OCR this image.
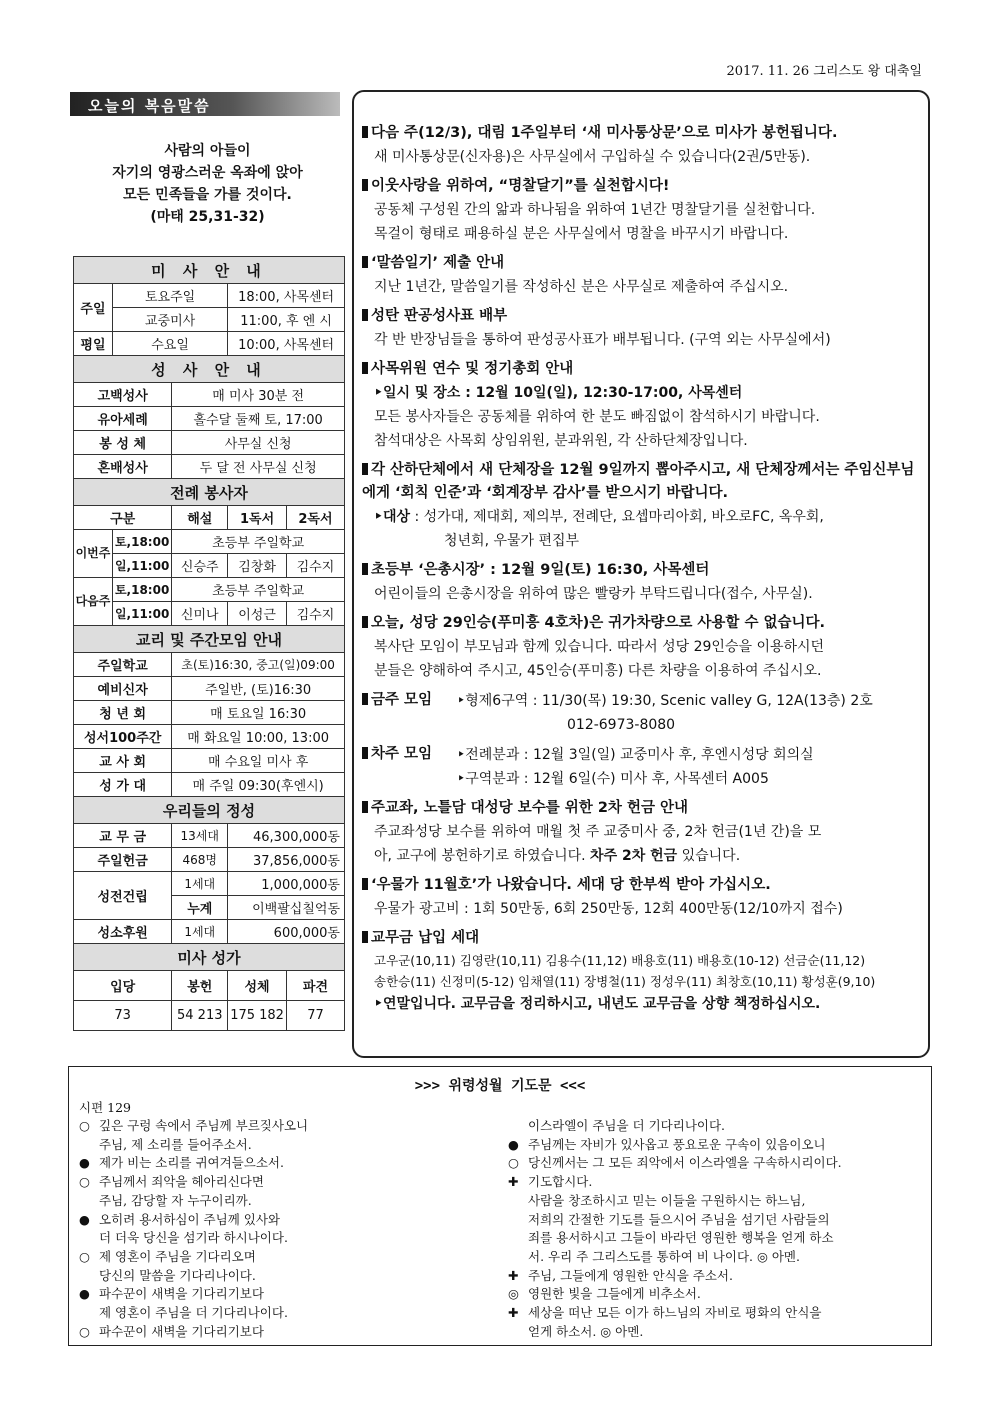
2017. 11. 26 그리스도 왕 대축일
오늘의 복음말씀
사람의 아들이
자기의 영광스러운 옥좌에 앉아
모든 민족들을 가를 것이다.
(마태 25,31-32)
미 사 안 내				
주일	토요주일		18:00, 사목센터	
	교중미사		11:00, 후 엔 시	
평일	수요일		10:00, 사목센터	
성 사 안 내				
고백성사		매 미사 30분 전		
유아세례		홀수달 둘째 토, 17:00		
봉 성 체		사무실 신청		
혼배성사		두 달 전 사무실 신청		
전례 봉사자				
구분		해설	1독서	2독서
이번주	토,18:00	초등부 주일학교		
	일,11:00	신승주	김창화	김수지
다음주	토,18:00	초등부 주일학교		
	일,11:00	신미나	이성근	김수지
교리 및 주간모임 안내				
주일학교		초(토)16:30, 중고(일)09:00		
예비신자		주일반, (토)16:30		
청 년 회		매 토요일 16:30		
성서100주간		매 화요일 10:00, 13:00		
교 사 회		매 수요일 미사 후		
성 가 대		매 주일 09:30(후엔시)		
우리들의 정성				
교 무 금		13세대	46,300,000동	
주일헌금		468명	37,856,000동	
성전건립		1세대	1,000,000동	
		누계	이백팔십칠억동	
성소후원		1세대	600,000동	
미사 성가				
입당		봉헌	성체	파견
73		54 213	175 182	77
다음 주(12/3), 대림 1주일부터 ‘새 미사통상문’으로 미사가 봉헌됩니다.
새 미사통상문(신자용)은 사무실에서 구입하실 수 있습니다(2권/5만동).
이웃사랑을 위하여, “명찰달기”를 실천합시다!
공동체 구성원 간의 앎과 하나됨을 위하여 1년간 명찰달기를 실천합니다.
목걸이 형태로 패용하실 분은 사무실에서 명찰을 바꾸시기 바랍니다.
‘말씀일기’ 제출 안내
지난 1년간, 말씀일기를 작성하신 분은 사무실로 제출하여 주십시오.
성탄 판공성사표 배부
각 반 반장님들을 통하여 판성공사표가 배부됩니다. (구역 외는 사무실에서)
사목위원 연수 및 정기총회 안내
‣일시 및 장소 : 12월 10일(일), 12:30-17:00, 사목센터
모든 봉사자들은 공동체를 위하여 한 분도 빠짐없이 참석하시기 바랍니다.
참석대상은 사목회 상임위원, 분과위원, 각 산하단체장입니다.
각 산하단체에서 새 단체장을 12월 9일까지 뽑아주시고, 새 단체장께서는 주임신부님에게 ‘회칙 인준’과 ‘회계장부 감사’를 받으시기 바랍니다.
‣대상 : 성가대, 제대회, 제의부, 전례단, 요셉마리아회, 바오로FC, 옥우회,
청년회, 우물가 편집부
초등부 ‘은총시장’ : 12월 9일(토) 16:30, 사목센터
어린이들의 은총시장을 위하여 많은 빨랑카 부탁드립니다(접수, 사무실).
오늘, 성당 29인승(푸미흥 4호차)은 귀가차량으로 사용할 수 없습니다.
복사단 모임이 부모님과 함께 있습니다. 따라서 성당 29인승을 이용하시던
분들은 양해하여 주시고, 45인승(푸미흥) 다른 차량을 이용하여 주십시오.
금주 모임	‣형제6구역 : 11/30(목) 19:30, Scenic valley G, 12A(13층) 2호
012-6973-8080
차주 모임	‣전례분과 : 12월 3일(일) 교중미사 후, 후엔시성당 회의실
‣구역분과 : 12월 6일(수) 미사 후, 사목센터 A005
주교좌, 노틀담 대성당 보수를 위한 2차 헌금 안내
주교좌성당 보수를 위하여 매월 첫 주 교중미사 중, 2차 헌금(1년 간)을 모
아, 교구에 봉헌하기로 하였습니다. 차주 2차 헌금 있습니다.
‘우물가 11월호’가 나왔습니다. 세대 당 한부씩 받아 가십시오.
우물가 광고비 : 1회 50만동, 6회 250만동, 12회 400만동(12/10까지 접수)
교무금 납입 세대
고우군(10,11) 김영란(10,11) 김용수(11,12) 배용호(11) 배용호(10-12) 선금순(11,12)
송한승(11) 신정미(5-12) 임채열(11) 장병철(11) 정성우(11) 최창호(10,11) 황성훈(9,10)
‣연말입니다. 교무금을 정리하시고, 내년도 교무금을 상향 책정하십시오.
>>> 위령성월 기도문 <<<
시편 129
○ 깊은 구렁 속에서 주님께 부르짖사오니
주님, 제 소리를 들어주소서.
● 제가 비는 소리를 귀여겨들으소서.
○ 주님께서 죄악을 헤아리신다면
주님, 감당할 자 누구이리까.
● 오히려 용서하심이 주님께 있사와
더 더욱 당신을 섬기라 하시나이다.
○ 제 영혼이 주님을 기다리오며
당신의 말씀을 기다리나이다.
● 파수꾼이 새벽을 기다리기보다
제 영혼이 주님을 더 기다리나이다.
○ 파수꾼이 새벽을 기다리기보다
이스라엘이 주님을 더 기다리나이다.
● 주님께는 자비가 있사옵고 풍요로운 구속이 있음이오니
○ 당신께서는 그 모든 죄악에서 이스라엘을 구속하시리이다.
✚ 기도합시다.
사람을 창조하시고 믿는 이들을 구원하시는 하느님,
저희의 간절한 기도를 들으시어 주님을 섬기던 사람들의
죄를 용서하시고 그들이 바라던 영원한 행복을 얻게 하소
서. 우리 주 그리스도를 통하여 비 나이다. ◎ 아멘.
✚ 주님, 그들에게 영원한 안식을 주소서.
◎ 영원한 빛을 그들에게 비추소서.
✚ 세상을 떠난 모든 이가 하느님의 자비로 평화의 안식을
얻게 하소서. ◎ 아멘.
